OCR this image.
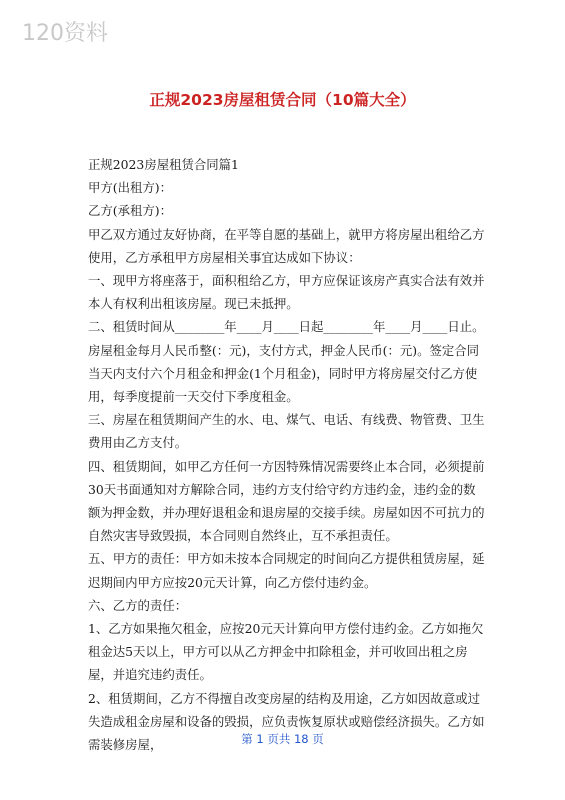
120资料
正规2023房屋租赁合同（10篇大全）

正规2023房屋租赁合同篇1

甲方(出租方)：

乙方(承租方)：

甲乙双方通过友好协商，在平等自愿的基础上，就甲方将房屋出租给乙方使用，乙方承租甲方房屋相关事宜达成如下协议：

一、现甲方将座落于，面积租给乙方，甲方应保证该房产真实合法有效并本人有权利出租该房屋。现已未抵押。

二、租赁时间从________年____月____日起________年____月____日止。房屋租金每月人民币整(：元)，支付方式，押金人民币(：元)。签定合同当天内支付六个月租金和押金(1个月租金)，同时甲方将房屋交付乙方使用，每季度提前一天交付下季度租金。

三、房屋在租赁期间产生的水、电、煤气、电话、有线费、物管费、卫生费用由乙方支付。

四、租赁期间，如甲乙方任何一方因特殊情况需要终止本合同，必须提前30天书面通知对方解除合同，违约方支付给守约方违约金，违约金的数额为押金数，并办理好退租金和退房屋的交接手续。房屋如因不可抗力的自然灾害导致毁损，本合同则自然终止，互不承担责任。

五、甲方的责任：甲方如未按本合同规定的时间向乙方提供租赁房屋，延迟期间内甲方应按20元天计算，向乙方偿付违约金。

六、乙方的责任：

1、乙方如果拖欠租金，应按20元天计算向甲方偿付违约金。乙方如拖欠租金达5天以上，甲方可以从乙方押金中扣除租金，并可收回出租之房屋，并追究违约责任。

2、租赁期间，乙方不得擅自改变房屋的结构及用途，乙方如因故意或过失造成租金房屋和设备的毁损，应负责恢复原状或赔偿经济损失。乙方如需装修房屋，	第 1 页共 18 页
